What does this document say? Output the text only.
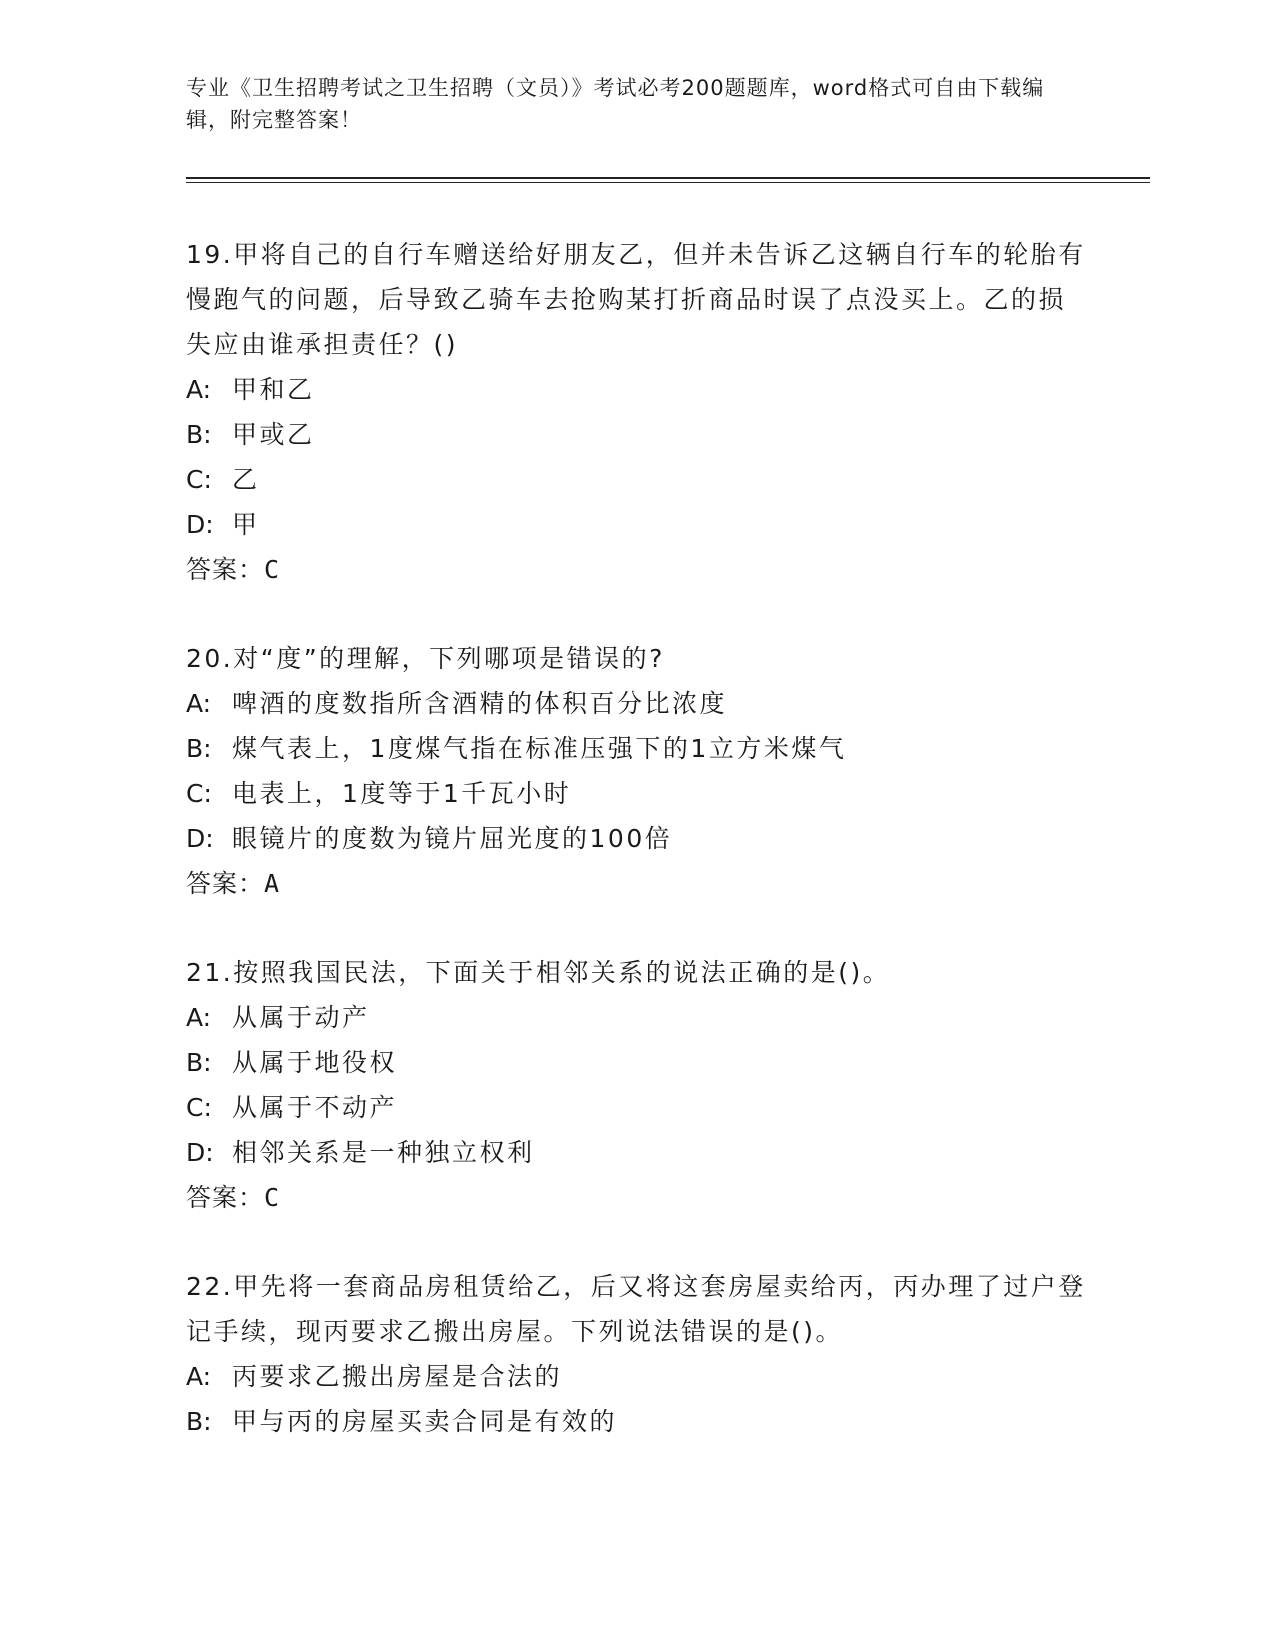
专业《卫生招聘考试之卫生招聘（文员）》考试必考200题题库，word格式可自由下载编辑，附完整答案！

19.甲将自己的自行车赠送给好朋友乙，但并未告诉乙这辆自行车的轮胎有慢跑气的问题，后导致乙骑车去抢购某打折商品时误了点没买上。乙的损失应由谁承担责任？()

A: 甲和乙

B: 甲或乙

C: 乙

D: 甲

答案：C

20.对“度”的理解，下列哪项是错误的?

A: 啤酒的度数指所含酒精的体积百分比浓度

B: 煤气表上，1度煤气指在标准压强下的1立方米煤气

C: 电表上，1度等于1千瓦小时

D: 眼镜片的度数为镜片屈光度的100倍

答案：A

21.按照我国民法，下面关于相邻关系的说法正确的是()。

A: 从属于动产

B: 从属于地役权

C: 从属于不动产

D: 相邻关系是一种独立权利

答案：C

22.甲先将一套商品房租赁给乙，后又将这套房屋卖给丙，丙办理了过户登记手续，现丙要求乙搬出房屋。下列说法错误的是()。

A: 丙要求乙搬出房屋是合法的

B: 甲与丙的房屋买卖合同是有效的
